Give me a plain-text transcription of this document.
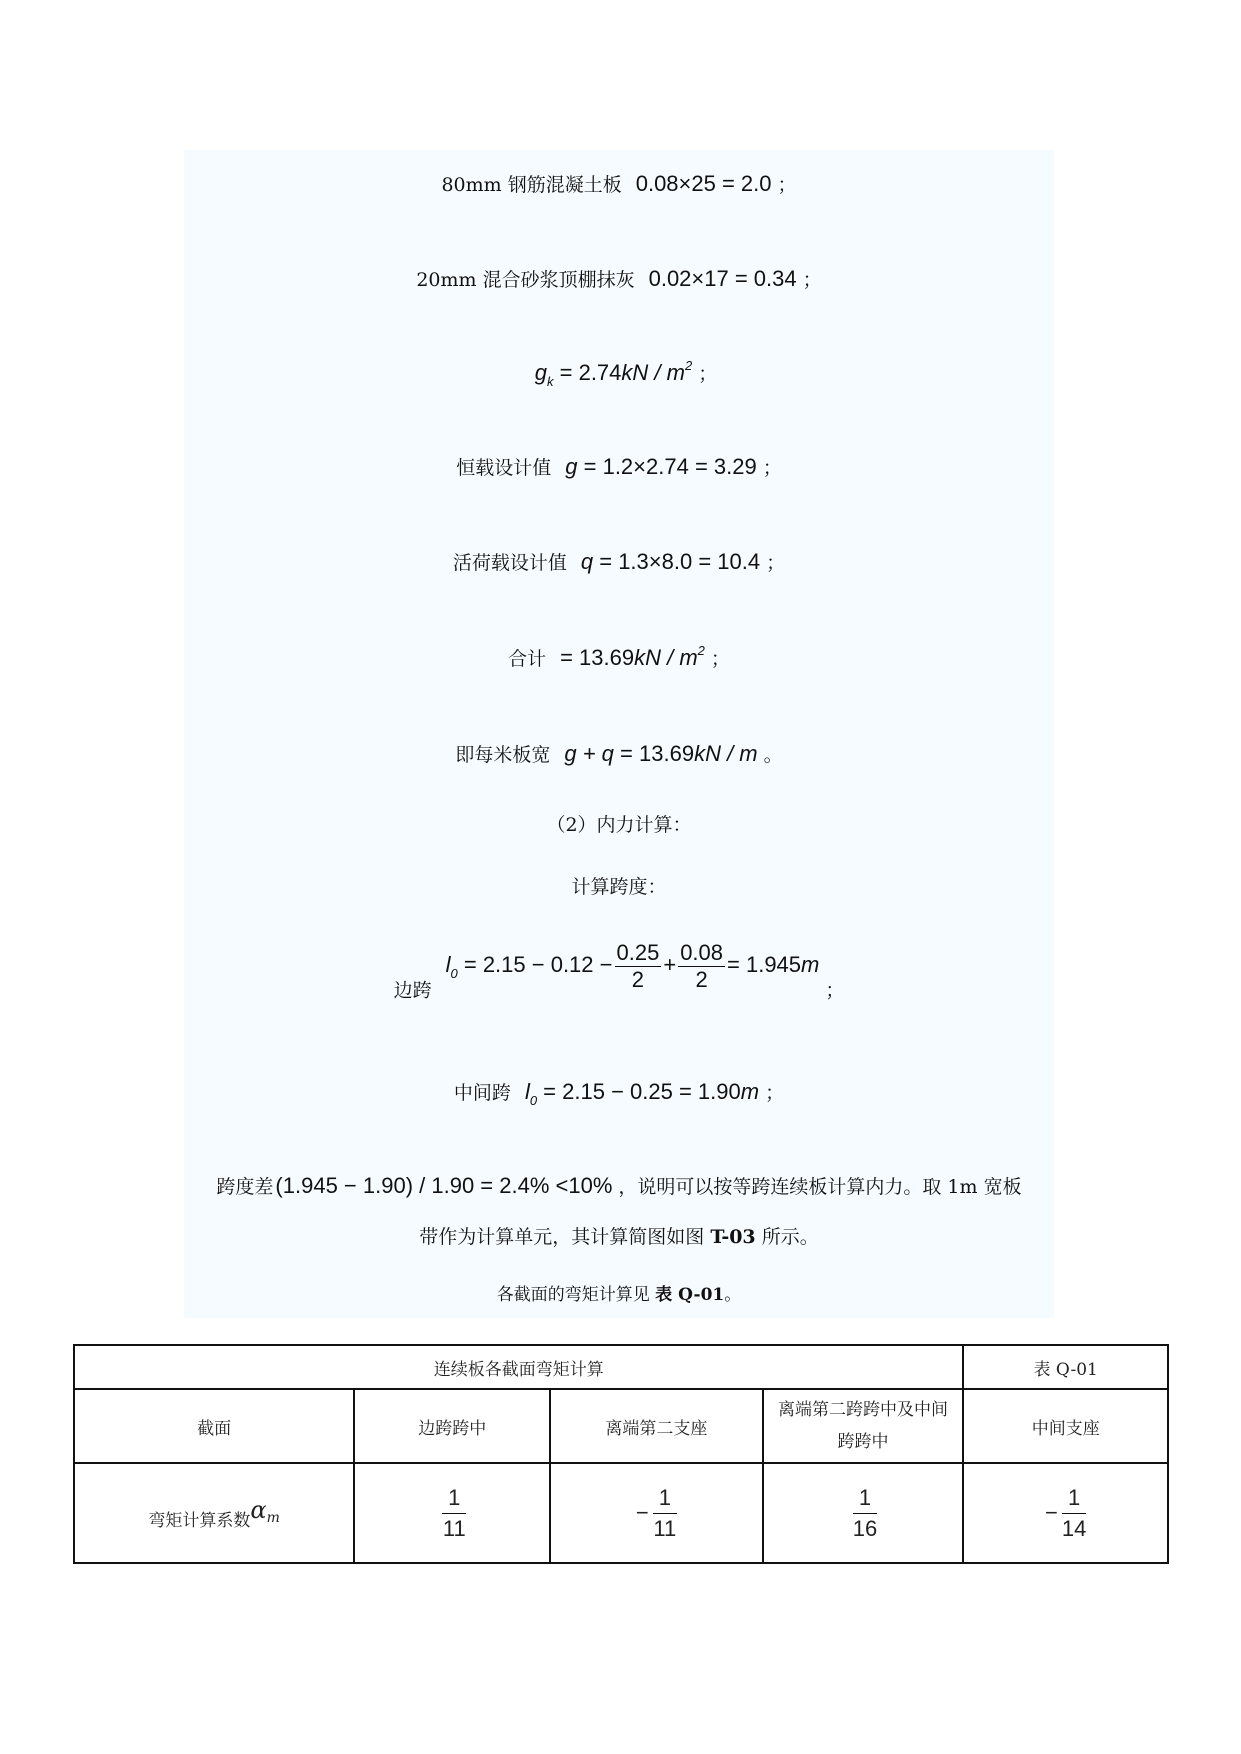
80mm 钢筋混凝土板 0.08×25 = 2.0 ；
20mm 混合砂浆顶棚抹灰 0.02×17 = 0.34 ；
$g_k = 2.74kN / m^2$ ；
恒载设计值 g = 1.2×2.74 = 3.29 ；
活荷载设计值 q = 1.3×8.0 = 10.4 ；
合计 = $13.69kN / m^2$ ；
即每米板宽 g + q = 13.69kN / m 。
（2）内力计算：
计算跨度：
边跨$l_0 = 2.15 - 0.12 - \frac{0.25}{2} + \frac{0.08}{2} = 1.945m$；
中间跨 $l_0 = 2.15 - 0.25 = 1.90m$ ；
跨度差(1.945 − 1.90) / 1.90 = 2.4% <10% ，说明可以按等跨连续板计算内力。取 1m 宽板
带作为计算单元，其计算简图如图 T-03 所示。
各截面的弯矩计算见 表 Q-01。
连续板各截面弯矩计算				表 Q-01
截面	边跨跨中	离端第二支座	离端第二跨跨中及中间跨跨中	中间支座
弯矩计算系数αm	$\frac{1}{11}$	− $\frac{1}{11}$	$\frac{1}{16}$	− $\frac{1}{14}$
